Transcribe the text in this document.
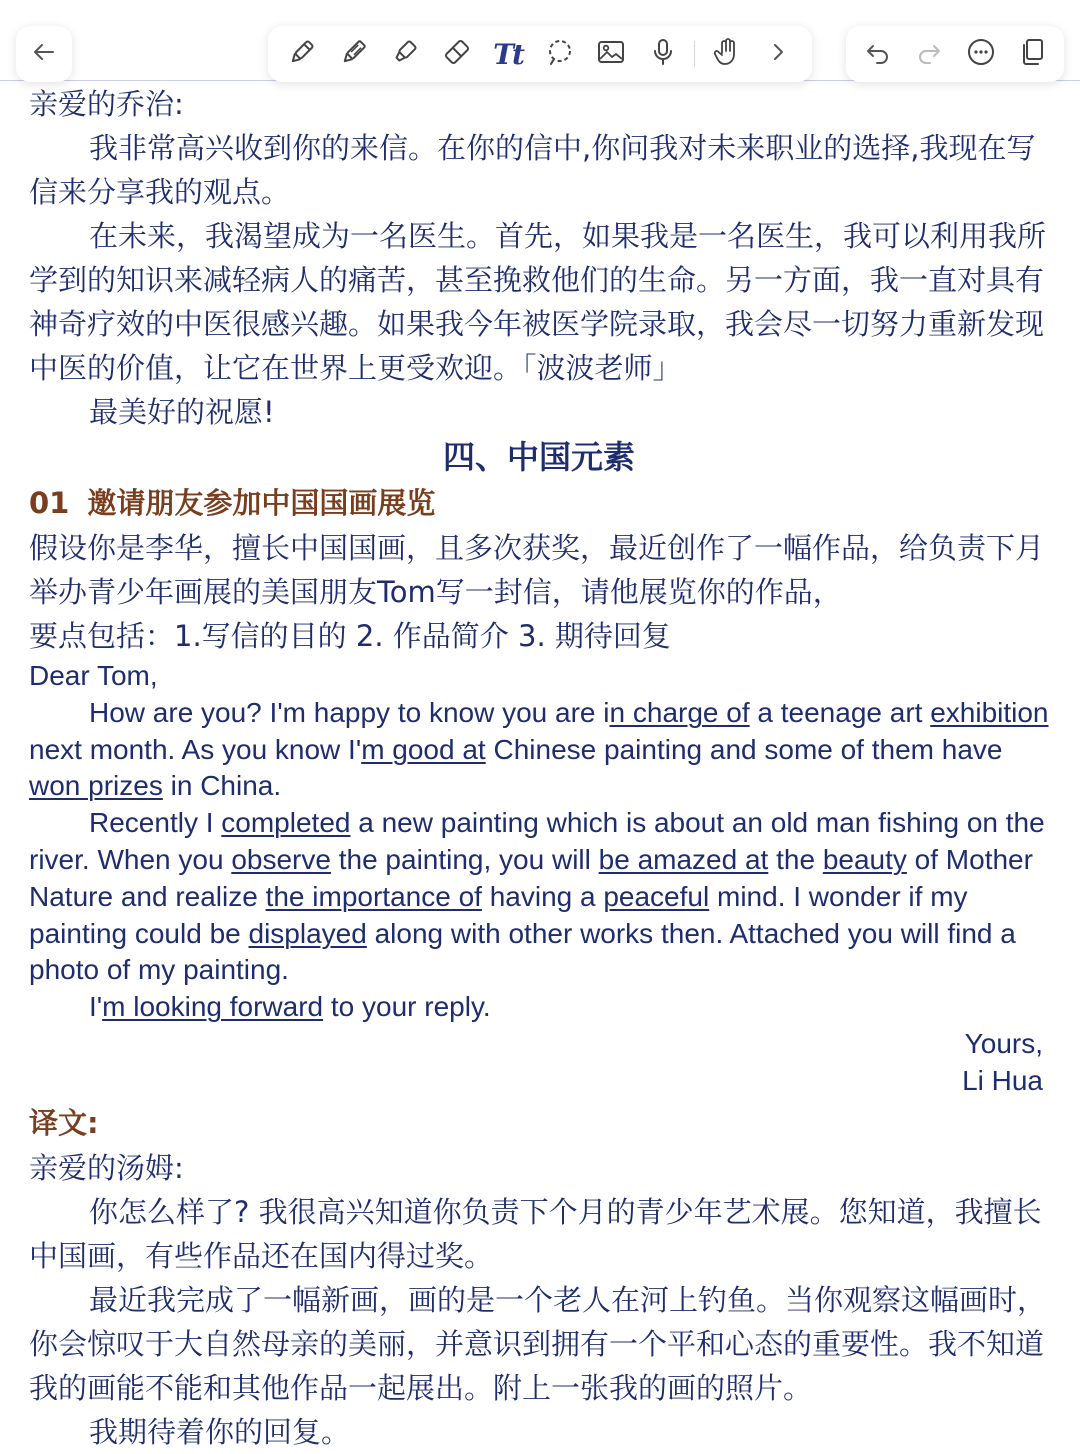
Tt

亲爱的乔治:

我非常高兴收到你的来信。在你的信中,你问我对未来职业的选择,我现在写信来分享我的观点。

在未来，我渴望成为一名医生。首先，如果我是一名医生，我可以利用我所学到的知识来减轻病人的痛苦，甚至挽救他们的生命。另一方面，我一直对具有神奇疗效的中医很感兴趣。如果我今年被医学院录取，我会尽一切努力重新发现中医的价值，让它在世界上更受欢迎。「波波老师」

最美好的祝愿!

四、中国元素

01 邀请朋友参加中国国画展览

假设你是李华，擅长中国国画，且多次获奖，最近创作了一幅作品，给负责下月举办青少年画展的美国朋友Tom写一封信，请他展览你的作品，

要点包括：1.写信的目的 2. 作品简介 3. 期待回复

Dear Tom,

How are you? I'm happy to know you are in charge of a teenage art exhibition next month. As you know I'm good at Chinese painting and some of them have won prizes in China.

Recently I completed a new painting which is about an old man fishing on the river. When you observe the painting, you will be amazed at the beauty of Mother Nature and realize the importance of having a peaceful mind. I wonder if my painting could be displayed along with other works then. Attached you will find a photo of my painting.

I'm looking forward to your reply.

Yours,

Li Hua

译文:

亲爱的汤姆:

你怎么样了? 我很高兴知道你负责下个月的青少年艺术展。您知道，我擅长中国画，有些作品还在国内得过奖。

最近我完成了一幅新画，画的是一个老人在河上钓鱼。当你观察这幅画时，你会惊叹于大自然母亲的美丽，并意识到拥有一个平和心态的重要性。我不知道我的画能不能和其他作品一起展出。附上一张我的画的照片。

我期待着你的回复。
